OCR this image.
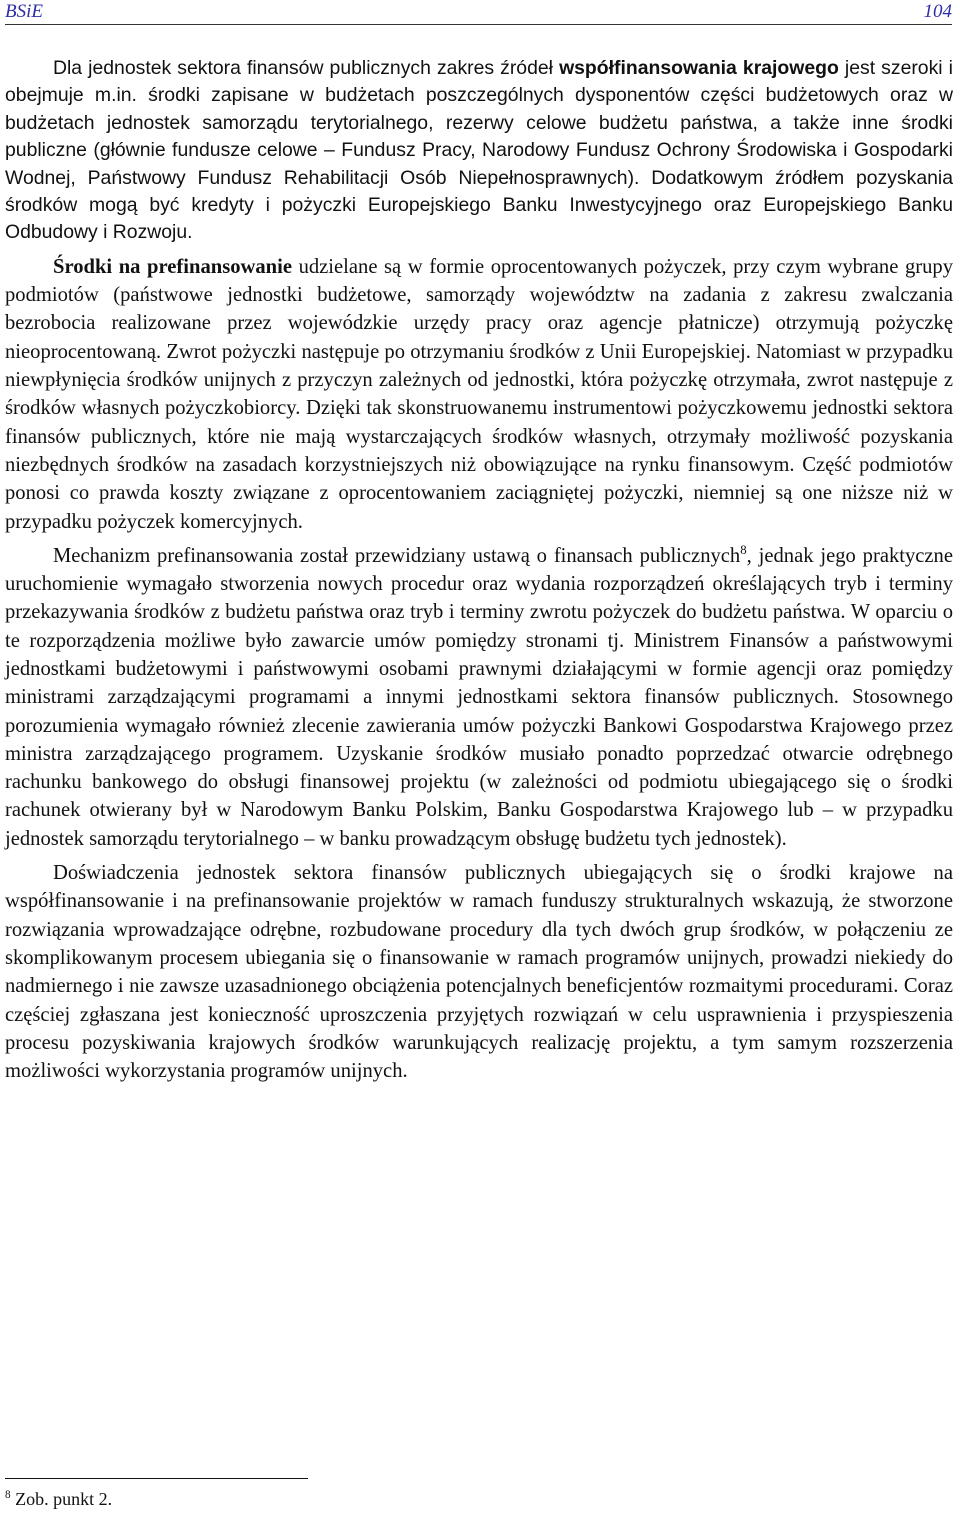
BSiE	104

Dla jednostek sektora finansów publicznych zakres źródeł współfinansowania krajowego jest szeroki i obejmuje m.in. środki zapisane w budżetach poszczególnych dysponentów części budżetowych oraz w budżetach jednostek samorządu terytorialnego, rezerwy celowe budżetu państwa, a także inne środki publiczne (głównie fundusze celowe – Fundusz Pracy, Narodowy Fundusz Ochrony Środowiska i Gospodarki Wodnej, Państwowy Fundusz Rehabilitacji Osób Niepełnosprawnych). Dodatkowym źródłem pozyskania środków mogą być kredyty i pożyczki Europejskiego Banku Inwestycyjnego oraz Europejskiego Banku Odbudowy i Rozwoju.

Środki na prefinansowanie udzielane są w formie oprocentowanych pożyczek, przy czym wybrane grupy podmiotów (państwowe jednostki budżetowe, samorządy województw na zadania z zakresu zwalczania bezrobocia realizowane przez wojewódzkie urzędy pracy oraz agencje płatnicze) otrzymują pożyczkę nieoprocentowaną. Zwrot pożyczki następuje po otrzymaniu środków z Unii Europejskiej. Natomiast w przypadku niewpłynięcia środków unijnych z przyczyn zależnych od jednostki, która pożyczkę otrzymała, zwrot następuje z środków własnych pożyczkobiorcy. Dzięki tak skonstruowanemu instrumentowi pożyczkowemu jednostki sektora finansów publicznych, które nie mają wystarczających środków własnych, otrzymały możliwość pozyskania niezbędnych środków na zasadach korzystniejszych niż obowiązujące na rynku finansowym. Część podmiotów ponosi co prawda koszty związane z oprocentowaniem zaciągniętej pożyczki, niemniej są one niższe niż w przypadku pożyczek komercyjnych.

Mechanizm prefinansowania został przewidziany ustawą o finansach publicznych$^8$, jednak jego praktyczne uruchomienie wymagało stworzenia nowych procedur oraz wydania rozporządzeń określających tryb i terminy przekazywania środków z budżetu państwa oraz tryb i terminy zwrotu pożyczek do budżetu państwa. W oparciu o te rozporządzenia możliwe było zawarcie umów pomiędzy stronami tj. Ministrem Finansów a państwowymi jednostkami budżetowymi i państwowymi osobami prawnymi działającymi w formie agencji oraz pomiędzy ministrami zarządzającymi programami a innymi jednostkami sektora finansów publicznych. Stosownego porozumienia wymagało również zlecenie zawierania umów pożyczki Bankowi Gospodarstwa Krajowego przez ministra zarządzającego programem. Uzyskanie środków musiało ponadto poprzedzać otwarcie odrębnego rachunku bankowego do obsługi finansowej projektu (w zależności od podmiotu ubiegającego się o środki rachunek otwierany był w Narodowym Banku Polskim, Banku Gospodarstwa Krajowego lub – w przypadku jednostek samorządu terytorialnego – w banku prowadzącym obsługę budżetu tych jednostek).

Doświadczenia jednostek sektora finansów publicznych ubiegających się o środki krajowe na współfinansowanie i na prefinansowanie projektów w ramach funduszy strukturalnych wskazują, że stworzone rozwiązania wprowadzające odrębne, rozbudowane procedury dla tych dwóch grup środków, w połączeniu ze skomplikowanym procesem ubiegania się o finansowanie w ramach programów unijnych, prowadzi niekiedy do nadmiernego i nie zawsze uzasadnionego obciążenia potencjalnych beneficjentów rozmaitymi procedurami. Coraz częściej zgłaszana jest konieczność uproszczenia przyjętych rozwiązań w celu usprawnienia i przyspieszenia procesu pozyskiwania krajowych środków warunkujących realizację projektu, a tym samym rozszerzenia możliwości wykorzystania programów unijnych.

$^8$ Zob. punkt 2.
